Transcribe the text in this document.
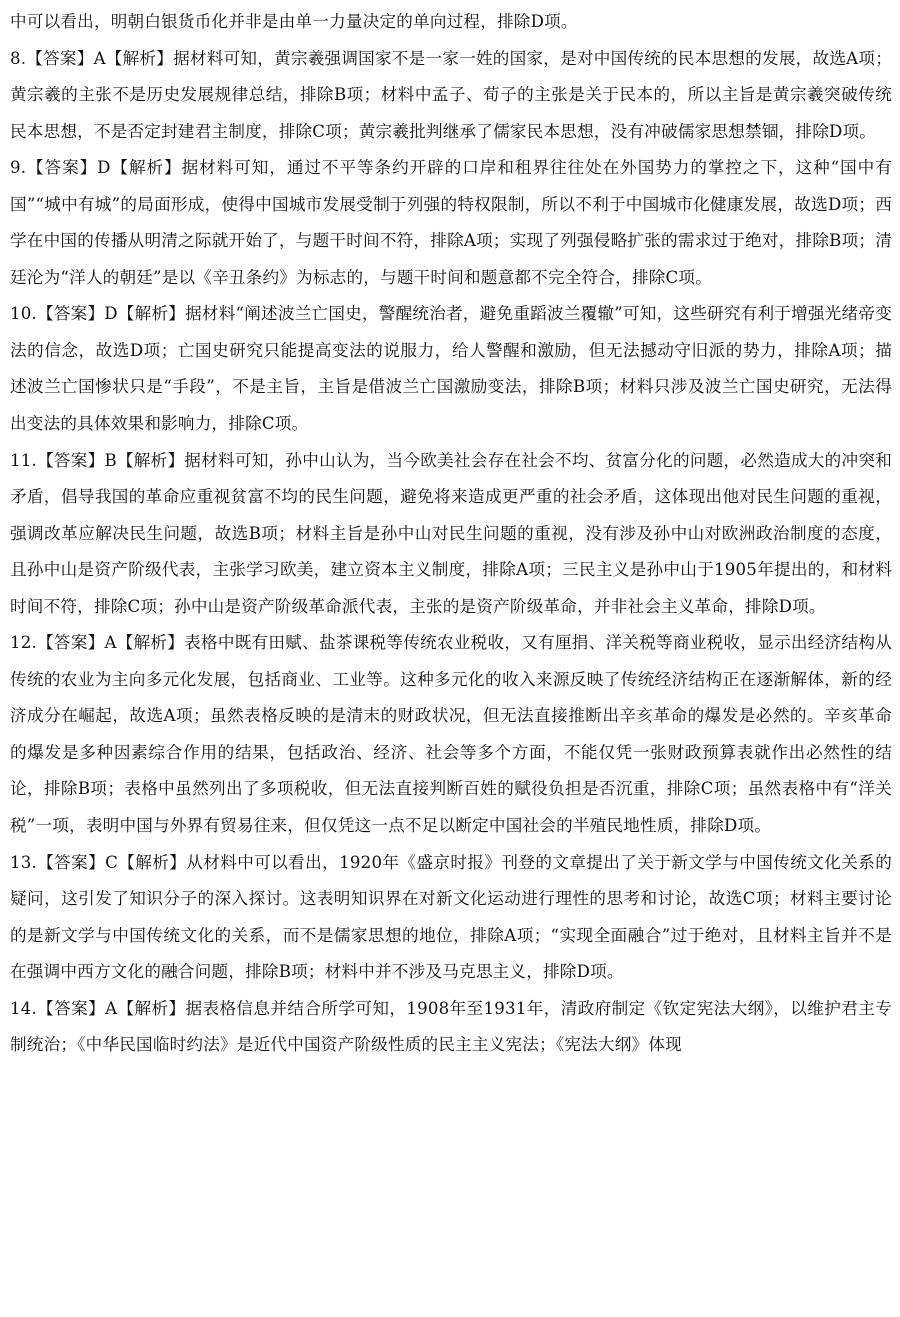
中可以看出，明朝白银货币化并非是由单一力量决定的单向过程，排除D项。

8.【答案】A【解析】据材料可知，黄宗羲强调国家不是一家一姓的国家，是对中国传统的民本思想的发展，故选A项；黄宗羲的主张不是历史发展规律总结，排除B项；材料中孟子、荀子的主张是关于民本的，所以主旨是黄宗羲突破传统民本思想，不是否定封建君主制度，排除C项；黄宗羲批判继承了儒家民本思想，没有冲破儒家思想禁锢，排除D项。

9.【答案】D【解析】据材料可知，通过不平等条约开辟的口岸和租界往往处在外国势力的掌控之下，这种“国中有国”“城中有城”的局面形成，使得中国城市发展受制于列强的特权限制，所以不利于中国城市化健康发展，故选D项；西学在中国的传播从明清之际就开始了，与题干时间不符，排除A项；实现了列强侵略扩张的需求过于绝对，排除B项；清廷沦为“洋人的朝廷”是以《辛丑条约》为标志的，与题干时间和题意都不完全符合，排除C项。

10.【答案】D【解析】据材料“阐述波兰亡国史，警醒统治者，避免重蹈波兰覆辙”可知，这些研究有利于增强光绪帝变法的信念，故选D项；亡国史研究只能提高变法的说服力，给人警醒和激励，但无法撼动守旧派的势力，排除A项；描述波兰亡国惨状只是“手段”，不是主旨，主旨是借波兰亡国激励变法，排除B项；材料只涉及波兰亡国史研究，无法得出变法的具体效果和影响力，排除C项。

11.【答案】B【解析】据材料可知，孙中山认为，当今欧美社会存在社会不均、贫富分化的问题，必然造成大的冲突和矛盾，倡导我国的革命应重视贫富不均的民生问题，避免将来造成更严重的社会矛盾，这体现出他对民生问题的重视，强调改革应解决民生问题，故选B项；材料主旨是孙中山对民生问题的重视，没有涉及孙中山对欧洲政治制度的态度，且孙中山是资产阶级代表，主张学习欧美，建立资本主义制度，排除A项；三民主义是孙中山于1905年提出的，和材料时间不符，排除C项；孙中山是资产阶级革命派代表，主张的是资产阶级革命，并非社会主义革命，排除D项。

12.【答案】A【解析】表格中既有田赋、盐茶课税等传统农业税收，又有厘捐、洋关税等商业税收，显示出经济结构从传统的农业为主向多元化发展，包括商业、工业等。这种多元化的收入来源反映了传统经济结构正在逐渐解体，新的经济成分在崛起，故选A项；虽然表格反映的是清末的财政状况，但无法直接推断出辛亥革命的爆发是必然的。辛亥革命的爆发是多种因素综合作用的结果，包括政治、经济、社会等多个方面，不能仅凭一张财政预算表就作出必然性的结论，排除B项；表格中虽然列出了多项税收，但无法直接判断百姓的赋役负担是否沉重，排除C项；虽然表格中有“洋关税”一项，表明中国与外界有贸易往来，但仅凭这一点不足以断定中国社会的半殖民地性质，排除D项。

13.【答案】C【解析】从材料中可以看出，1920年《盛京时报》刊登的文章提出了关于新文学与中国传统文化关系的疑问，这引发了知识分子的深入探讨。这表明知识界在对新文化运动进行理性的思考和讨论，故选C项；材料主要讨论的是新文学与中国传统文化的关系，而不是儒家思想的地位，排除A项；“实现全面融合”过于绝对，且材料主旨并不是在强调中西方文化的融合问题，排除B项；材料中并不涉及马克思主义，排除D项。

14.【答案】A【解析】据表格信息并结合所学可知，1908年至1931年，清政府制定《钦定宪法大纲》，以维护君主专制统治；《中华民国临时约法》是近代中国资产阶级性质的民主主义宪法；《宪法大纲》体现
